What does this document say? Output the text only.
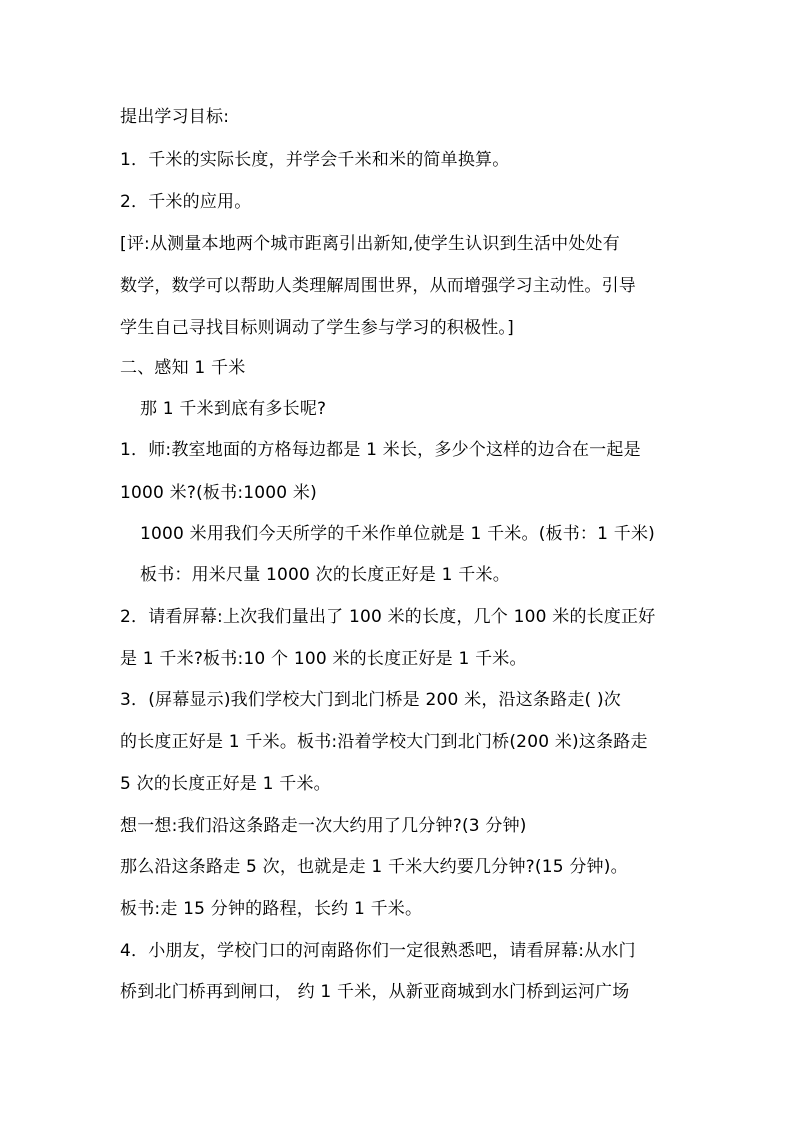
提出学习目标:
1．千米的实际长度，并学会千米和米的简单换算。
2．千米的应用。
[评:从测量本地两个城市距离引出新知,使学生认识到生活中处处有
数学，数学可以帮助人类理解周围世界，从而增强学习主动性。引导
学生自己寻找目标则调动了学生参与学习的积极性。]
二、感知 1 千米
那 1 千米到底有多长呢?
1．师:教室地面的方格每边都是 1 米长，多少个这样的边合在一起是
1000 米?(板书:1000 米)
1000 米用我们今天所学的千米作单位就是 1 千米。(板书：1 千米)
板书：用米尺量 1000 次的长度正好是 1 千米。
2．请看屏幕:上次我们量出了 100 米的长度，几个 100 米的长度正好
是 1 千米?板书:10 个 100 米的长度正好是 1 千米。
3．(屏幕显示)我们学校大门到北门桥是 200 米，沿这条路走( )次
的长度正好是 1 千米。板书:沿着学校大门到北门桥(200 米)这条路走
5 次的长度正好是 1 千米。
想一想:我们沿这条路走一次大约用了几分钟?(3 分钟)
那么沿这条路走 5 次，也就是走 1 千米大约要几分钟?(15 分钟)。
板书:走 15 分钟的路程，长约 1 千米。
4．小朋友，学校门口的河南路你们一定很熟悉吧，请看屏幕:从水门
桥到北门桥再到闸口， 约 1 千米，从新亚商城到水门桥到运河广场
